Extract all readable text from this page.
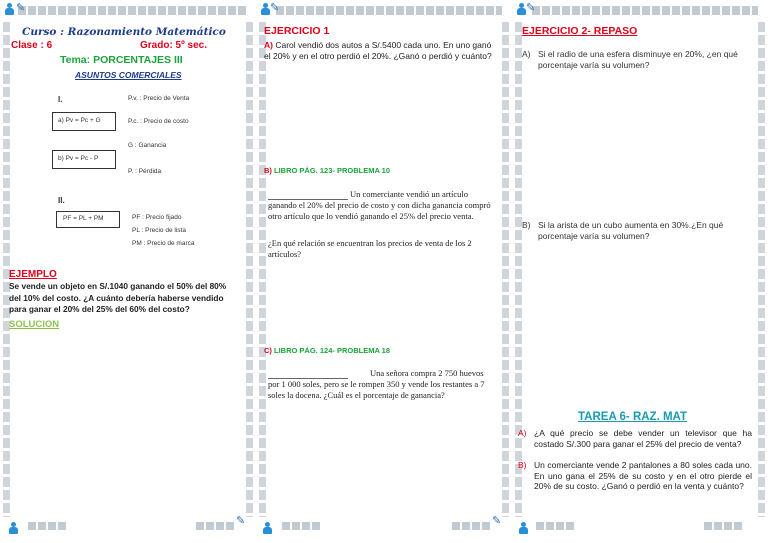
✎
Curso : Razonamiento Matemático
Clase : 6	Grado: 5º sec.
Tema: PORCENTAJES III
ASUNTOS COMERCIALES
I.	P.v. : Precio de Venta
a) Pv = Pc + G	P.c. : Precio de costo
G : Ganancia
b) Pv = Pc - P
P. : Pérdida
II.
PF = PL + PM	PF : Precio fijado
PL : Precio de lista
PM : Precio de marca
EJEMPLO
Se vende un objeto en S/.1040 ganando el 50% del 80% del 10% del costo. ¿A cuánto debería haberse vendido para ganar el 20% del 25% del 60% del costo?
SOLUCION
✎
✎
EJERCICIO 1
A) Carol vendió dos autos a S/.5400 cada uno. En uno ganó el 20% y en el otro perdió el 20%. ¿Ganó o perdió y cuánto?
B) LIBRO PÁG. 123- PROBLEMA 10
Un comerciante vendió un artículo
ganando el 20% del precio de costo y con dicha ganancia compró otro artículo que lo vendió ganando el 25% del precio venta.
¿En qué relación se encuentran los precios de venta de los 2 artículos?
C) LIBRO PÁG. 124- PROBLEMA 18
Una señora compra 2 750 huevos
por 1 000 soles, pero se le rompen 350 y vende los restantes a 7 soles la docena. ¿Cuál es el porcentaje de ganancia?
✎
✎
EJERCICIO 2- REPASO
A) Si el radio de una esfera disminuye en 20%, ¿en qué porcentaje varía su volumen?
B) Si la arista de un cubo aumenta en 30%.¿En qué porcentaje varía su volumen?
TAREA 6- RAZ. MAT
A) ¿A qué precio se debe vender un televisor que ha costado S/.300 para ganar el 25% del precio de venta?
B) Un comerciante vende 2 pantalones a 80 soles cada uno. En uno gana el 25% de su costo y en el otro pierde el 20% de su costo. ¿Ganó o perdió en la venta y cuánto?
